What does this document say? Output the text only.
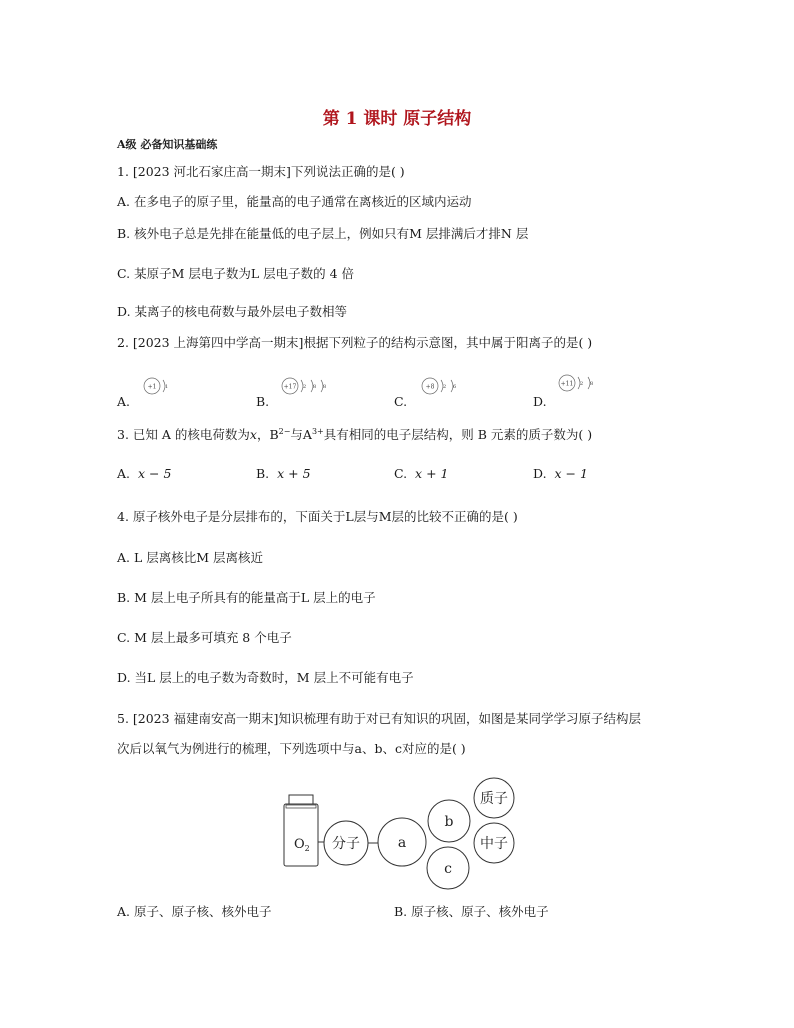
第 1 课时 原子结构
A级 必备知识基础练
1. [2023 河北石家庄高一期末]下列说法正确的是( )
A. 在多电子的原子里，能量高的电子通常在离核近的区域内运动
B. 核外电子总是先排在能量低的电子层上，例如只有M 层排满后才排N 层
C. 某原子M 层电子数为L 层电子数的 4 倍
D. 某离子的核电荷数与最外层电子数相等
2. [2023 上海第四中学高一期末]根据下列粒子的结构示意图，其中属于阳离子的是( )
A.
+1 1
B.
+17 2 8 8
C.
+8 2 6
D.
+11 2 8
3. 已知 A 的核电荷数为x，$B^{2-}$与$A^{3+}$具有相同的电子层结构，则 B 元素的质子数为( )
A. x − 5	B. x + 5	C. x + 1	D. x − 1
4. 原子核外电子是分层排布的，下面关于L层与M层的比较不正确的是( )
A. L 层离核比M 层离核近
B. M 层上电子所具有的能量高于L 层上的电子
C. M 层上最多可填充 8 个电子
D. 当L 层上的电子数为奇数时，M 层上不可能有电子
5. [2023 福建南安高一期末]知识梳理有助于对已有知识的巩固，如图是某同学学习原子结构层
次后以氧气为例进行的梳理，下列选项中与a、b、c对应的是( )
$O_2$ 分子	a
b
c
质子
中子
A. 原子、原子核、核外电子	B. 原子核、原子、核外电子
